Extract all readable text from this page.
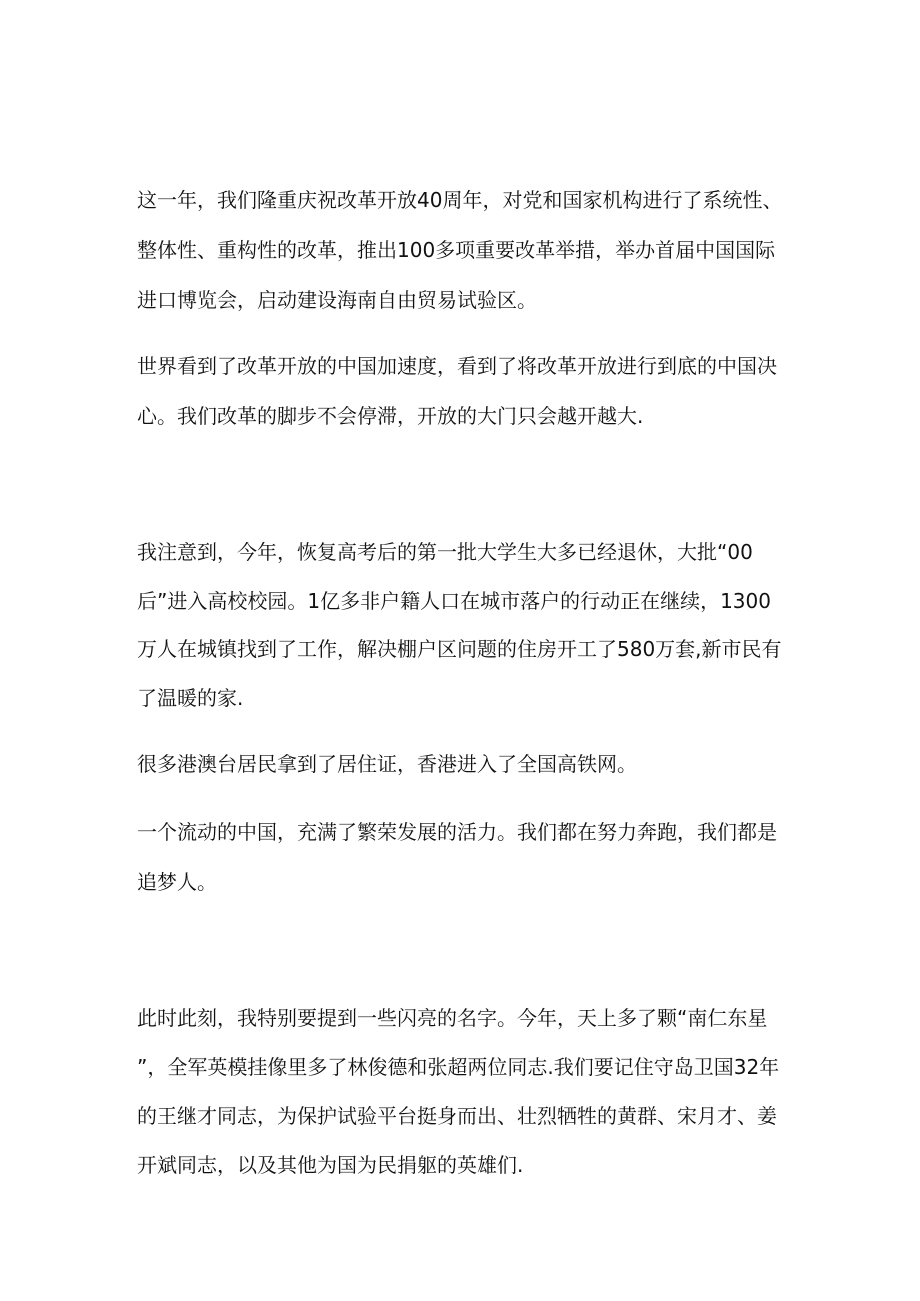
这一年，我们隆重庆祝改革开放40周年，对党和国家机构进行了系统性、
整体性、重构性的改革，推出100多项重要改革举措，举办首届中国国际
进口博览会，启动建设海南自由贸易试验区。
世界看到了改革开放的中国加速度，看到了将改革开放进行到底的中国决
心。我们改革的脚步不会停滞，开放的大门只会越开越大.
我注意到，今年，恢复高考后的第一批大学生大多已经退休，大批“00
后”进入高校校园。1亿多非户籍人口在城市落户的行动正在继续，1300
万人在城镇找到了工作，解决棚户区问题的住房开工了580万套,新市民有
了温暖的家.
很多港澳台居民拿到了居住证，香港进入了全国高铁网。
一个流动的中国，充满了繁荣发展的活力。我们都在努力奔跑，我们都是
追梦人。
此时此刻，我特别要提到一些闪亮的名字。今年，天上多了颗“南仁东星
”，全军英模挂像里多了林俊德和张超两位同志.我们要记住守岛卫国32年
的王继才同志，为保护试验平台挺身而出、壮烈牺牲的黄群、宋月才、姜
开斌同志，以及其他为国为民捐躯的英雄们.
